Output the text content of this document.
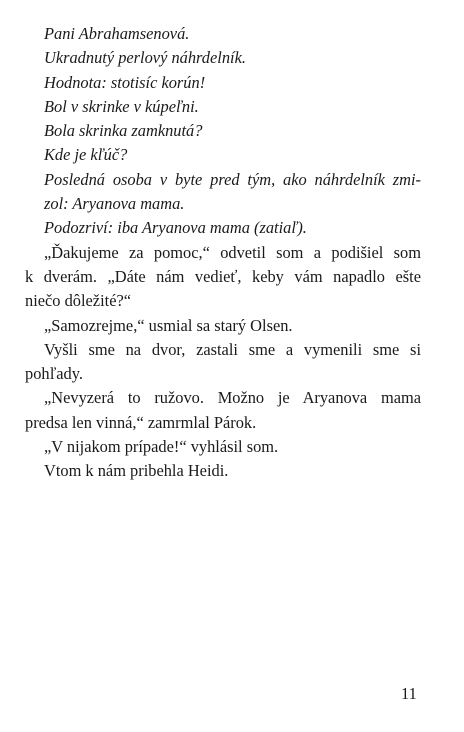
Pani Abrahamsenová.

Ukradnutý perlový náhrdelník.

Hodnota: stotisíc korún!

Bol v skrinke v kúpeľni.

Bola skrinka zamknutá?

Kde je kľúč?

Posledná osoba v byte pred tým, ako náhrdelník zmi-

zol: Aryanova mama.

Podozriví: iba Aryanova mama (zatiaľ).

„Ďakujeme za pomoc,“ odvetil som a podišiel som

k dverám. „Dáte nám vedieť, keby vám napadlo ešte

niečo dôležité?“

„Samozrejme,“ usmial sa starý Olsen.

Vyšli sme na dvor, zastali sme a vymenili sme si

pohľady.

„Nevyzerá to ružovo. Možno je Aryanova mama

predsa len vinná,“ zamrmlal Párok.

„V nijakom prípade!“ vyhlásil som.

Vtom k nám pribehla Heidi.

11
